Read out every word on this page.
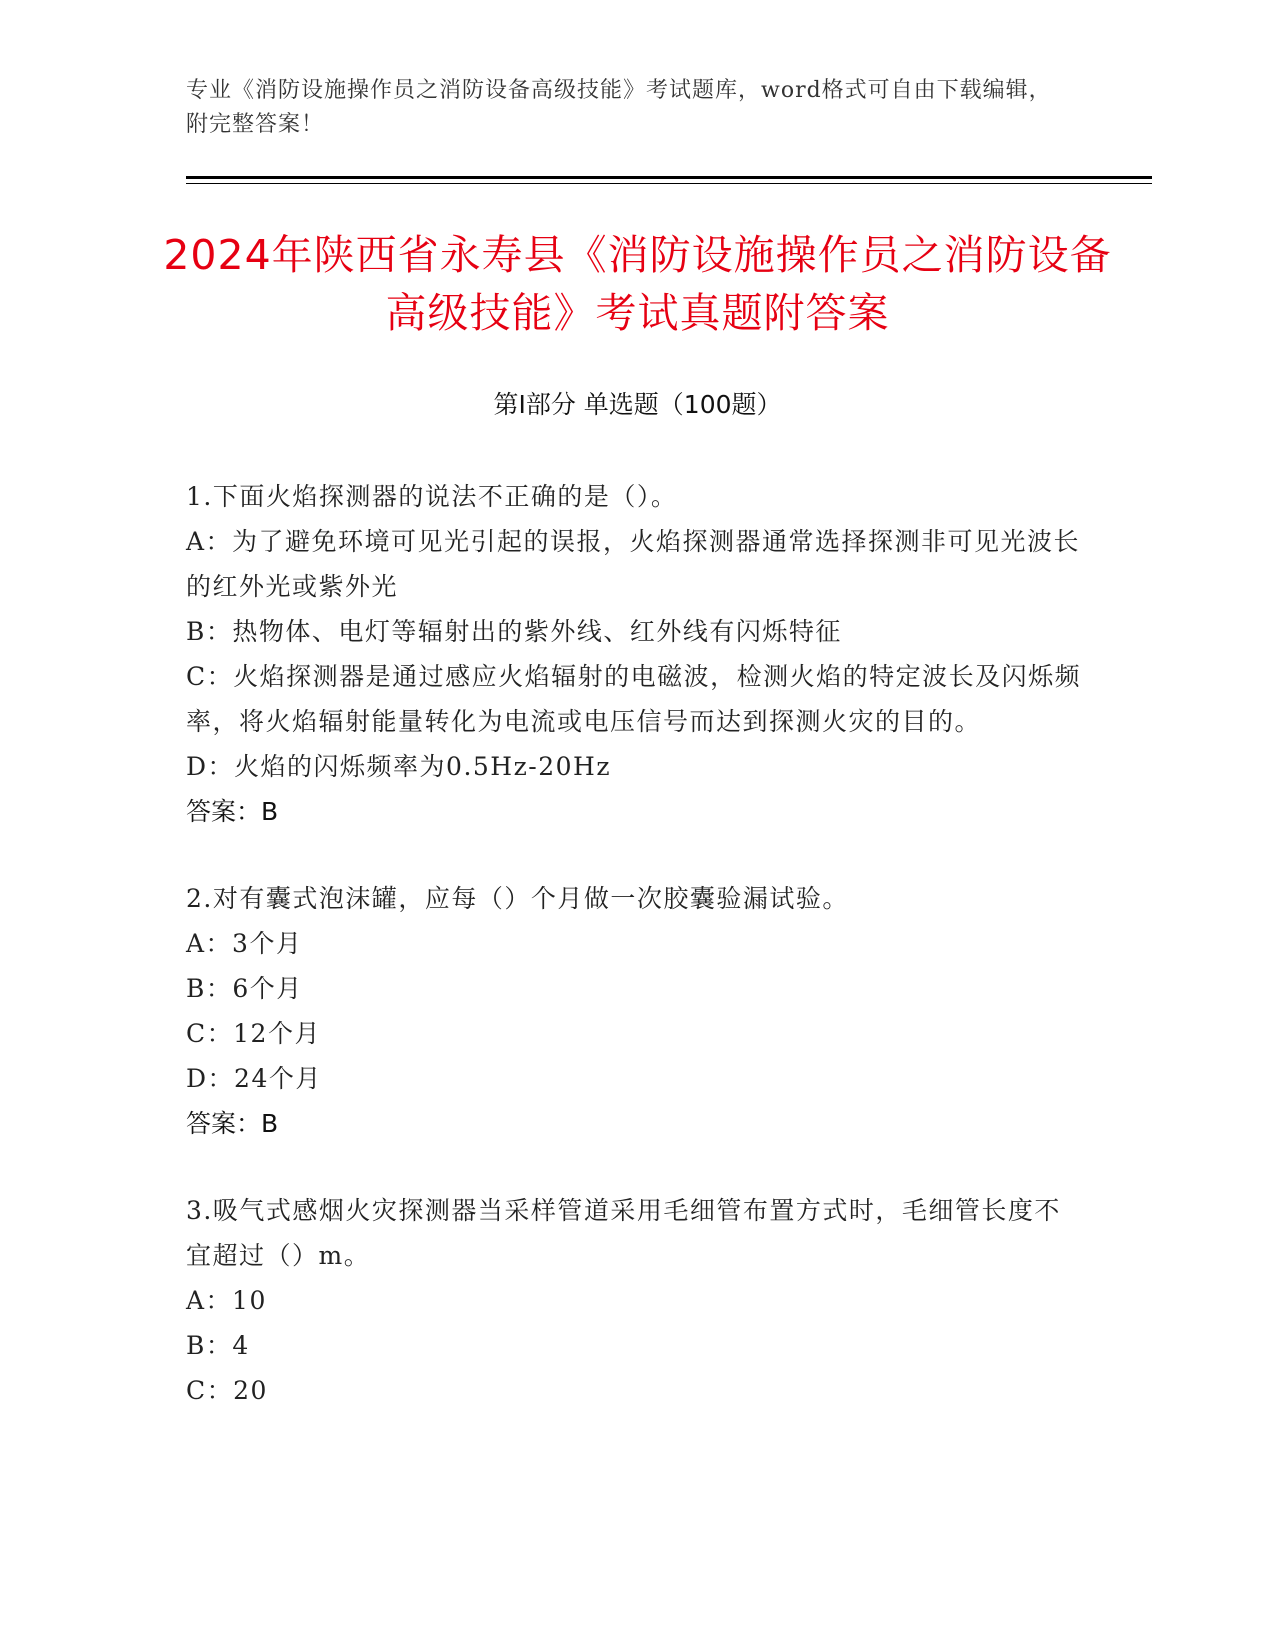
专业《消防设施操作员之消防设备高级技能》考试题库，word格式可自由下载编辑，附完整答案！
2024年陕西省永寿县《消防设施操作员之消防设备高级技能》考试真题附答案
第Ⅰ部分 单选题（100题）
1.下面火焰探测器的说法不正确的是（）。
A：为了避免环境可见光引起的误报，火焰探测器通常选择探测非可见光波长的红外光或紫外光
B：热物体、电灯等辐射出的紫外线、红外线有闪烁特征
C：火焰探测器是通过感应火焰辐射的电磁波，检测火焰的特定波长及闪烁频率，将火焰辐射能量转化为电流或电压信号而达到探测火灾的目的。
D：火焰的闪烁频率为0.5Hz-20Hz
答案：B
2.对有囊式泡沫罐，应每（）个月做一次胶囊验漏试验。
A：3个月
B：6个月
C：12个月
D：24个月
答案：B
3.吸气式感烟火灾探测器当采样管道采用毛细管布置方式时，毛细管长度不宜超过（）m。
A：10
B：4
C：20
